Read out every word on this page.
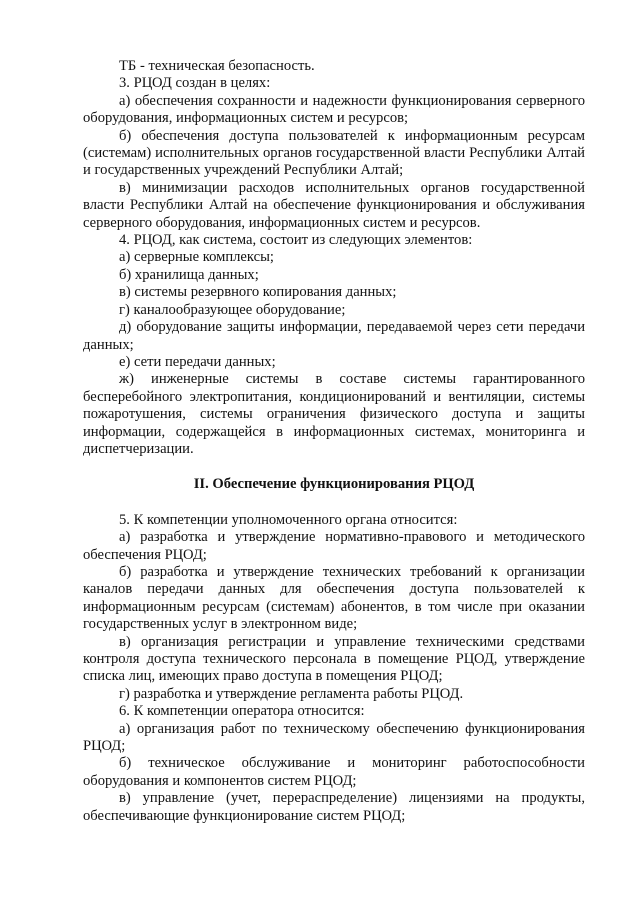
ТБ - техническая безопасность.

3. РЦОД создан в целях:

а) обеспечения сохранности и надежности функционирования серверного оборудования, информационных систем и ресурсов;

б) обеспечения доступа пользователей к информационным ресурсам (системам) исполнительных органов государственной власти Республики Алтай и государственных учреждений Республики Алтай;

в) минимизации расходов исполнительных органов государственной власти Республики Алтай на обеспечение функционирования и обслуживания серверного оборудования, информационных систем и ресурсов.

4. РЦОД, как система, состоит из следующих элементов:

а) серверные комплексы;

б) хранилища данных;

в) системы резервного копирования данных;

г) каналообразующее оборудование;

д) оборудование защиты информации, передаваемой через сети передачи данных;

е) сети передачи данных;

ж) инженерные системы в составе системы гарантированного бесперебойного электропитания, кондиционирований и вентиляции, системы пожаротушения, системы ограничения физического доступа и защиты информации, содержащейся в информационных системах, мониторинга и диспетчеризации.

II. Обеспечение функционирования РЦОД

5. К компетенции уполномоченного органа относится:

а) разработка и утверждение нормативно-правового и методического обеспечения РЦОД;

б) разработка и утверждение технических требований к организации каналов передачи данных для обеспечения доступа пользователей к информационным ресурсам (системам) абонентов, в том числе при оказании государственных услуг в электронном виде;

в) организация регистрации и управление техническими средствами контроля доступа технического персонала в помещение РЦОД, утверждение списка лиц, имеющих право доступа в помещения РЦОД;

г) разработка и утверждение регламента работы РЦОД.

6. К компетенции оператора относится:

а) организация работ по техническому обеспечению функционирования РЦОД;

б) техническое обслуживание и мониторинг работоспособности оборудования и компонентов систем РЦОД;

в) управление (учет, перераспределение) лицензиями на продукты, обеспечивающие функционирование систем РЦОД;
